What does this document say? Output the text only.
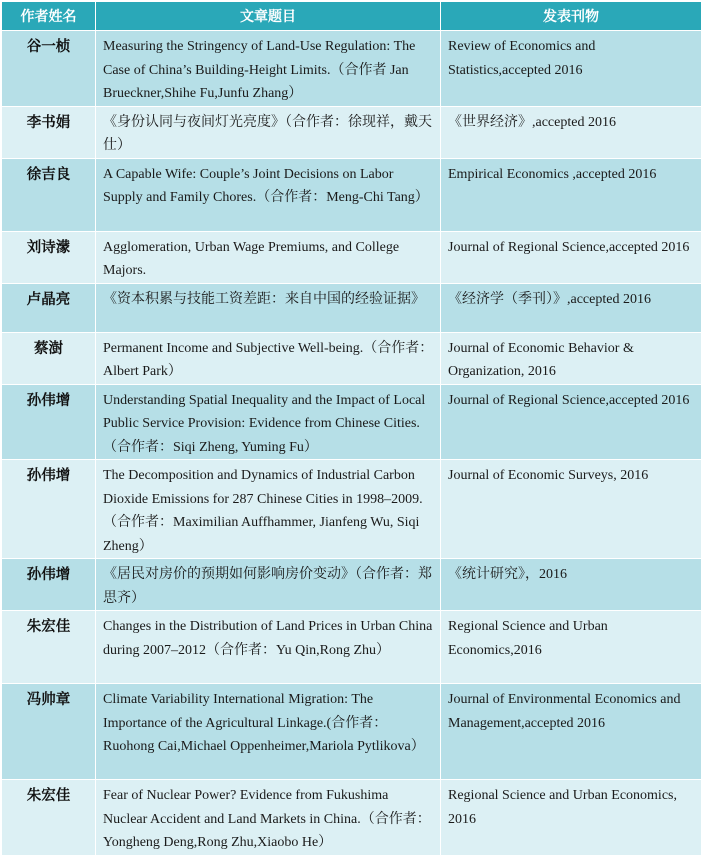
作者姓名	文章题目	发表刊物
谷一桢	Measuring the Stringency of Land-Use Regulation: The Case of China’s Building-Height Limits.（合作者 Jan Brueckner,Shihe Fu,Junfu Zhang）	Review of Economics and Statistics,accepted 2016
李书娟	《身份认同与夜间灯光亮度》（合作者：徐现祥，戴天仕）	《世界经济》,accepted 2016
徐吉良	A Capable Wife: Couple’s Joint Decisions on Labor Supply and Family Chores.（合作者：Meng-Chi Tang）	Empirical Economics ,accepted 2016
刘诗濛	Agglomeration, Urban Wage Premiums, and College Majors.	Journal of Regional Science,accepted 2016
卢晶亮	《资本积累与技能工资差距：来自中国的经验证据》	《经济学（季刊）》,accepted 2016
蔡澍	Permanent Income and Subjective Well-being.（合作者：Albert Park）	Journal of Economic Behavior & Organization, 2016
孙伟增	Understanding Spatial Inequality and the Impact of Local Public Service Provision: Evidence from Chinese Cities.（合作者：Siqi Zheng, Yuming Fu）	Journal of Regional Science,accepted 2016
孙伟增	The Decomposition and Dynamics of Industrial Carbon Dioxide Emissions for 287 Chinese Cities in 1998–2009.（合作者：Maximilian Auffhammer, Jianfeng Wu, Siqi Zheng）	Journal of Economic Surveys, 2016
孙伟增	《居民对房价的预期如何影响房价变动》（合作者：郑思齐）	《统计研究》，2016
朱宏佳	Changes in the Distribution of Land Prices in Urban China during 2007–2012（合作者：Yu Qin,Rong Zhu）	Regional Science and Urban Economics,2016
冯帅章	Climate Variability International Migration: The Importance of the Agricultural Linkage.(合作者：Ruohong Cai,Michael Oppenheimer,Mariola Pytlikova）	Journal of Environmental Economics and Management,accepted 2016
朱宏佳	Fear of Nuclear Power? Evidence from Fukushima Nuclear Accident and Land Markets in China.（合作者：Yongheng Deng,Rong Zhu,Xiaobo He）	Regional Science and Urban Economics, 2016
